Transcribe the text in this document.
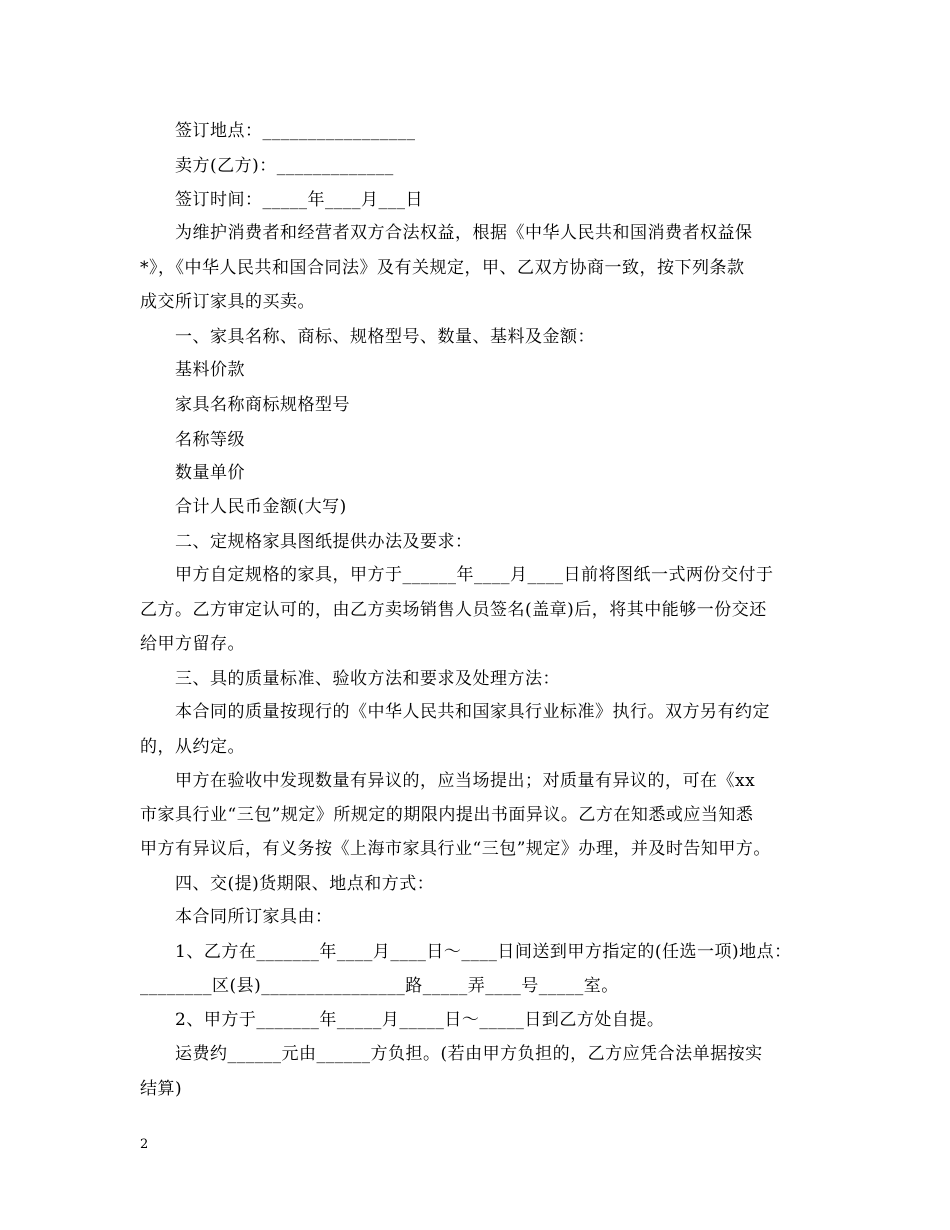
　　签订地点：_________________
　　卖方(乙方)：_____________
　　签订时间：_____年____月___日
　　为维护消费者和经营者双方合法权益，根据《中华人民共和国消费者权益保
*》，《中华人民共和国合同法》及有关规定，甲、乙双方协商一致，按下列条款
成交所订家具的买卖。
　　一、家具名称、商标、规格型号、数量、基料及金额：
　　基料价款
　　家具名称商标规格型号
　　名称等级
　　数量单价
　　合计人民币金额(大写)
　　二、定规格家具图纸提供办法及要求：
　　甲方自定规格的家具，甲方于______年____月____日前将图纸一式两份交付于
乙方。乙方审定认可的，由乙方卖场销售人员签名(盖章)后，将其中能够一份交还
给甲方留存。
　　三、具的质量标准、验收方法和要求及处理方法：
　　本合同的质量按现行的《中华人民共和国家具行业标准》执行。双方另有约定
的，从约定。
　　甲方在验收中发现数量有异议的，应当场提出；对质量有异议的，可在《xx
市家具行业“三包”规定》所规定的期限内提出书面异议。乙方在知悉或应当知悉
甲方有异议后，有义务按《上海市家具行业“三包”规定》办理，并及时告知甲方。
　　四、交(提)货期限、地点和方式：
　　本合同所订家具由：
　　1、乙方在_______年____月____日～____日间送到甲方指定的(任选一项)地点：
________区(县)________________路_____弄____号_____室。
　　2、甲方于_______年_____月_____日～_____日到乙方处自提。
　　运费约______元由______方负担。(若由甲方负担的，乙方应凭合法单据按实
结算)
2
